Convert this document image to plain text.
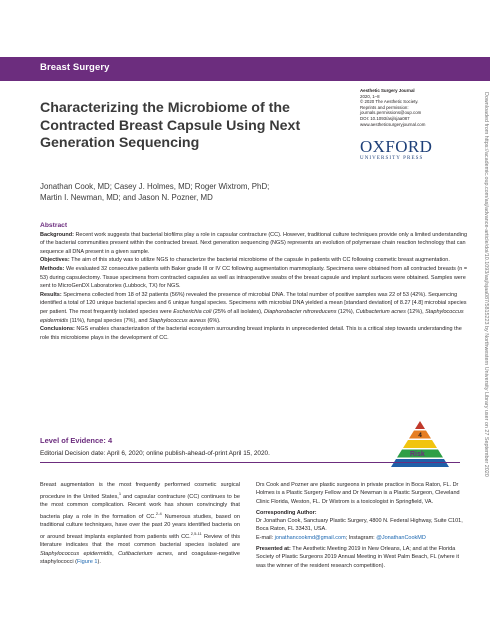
Breast Surgery
Downloaded from https://academic.oup.com/asj/advance-article/doi/10.1093/asj/sjaa087/5815223 by Northwestern University Library user on 27 September 2020
Characterizing the Microbiome of the Contracted Breast Capsule Using Next Generation Sequencing
Aesthetic Surgery Journal
2020, 1–8
© 2020 The Aesthetic Society.
Reprints and permission:
journals.permissions@oup.com
DOI: 10.1093/asj/sjaa087
www.aestheticsurgeryjournal.com
OXFORD
UNIVERSITY PRESS
Jonathan Cook, MD; Casey J. Holmes, MD; Roger Wixtrom, PhD;
Martin I. Newman, MD; and Jason N. Pozner, MD
Abstract
Background: Recent work suggests that bacterial biofilms play a role in capsular contracture (CC). However, traditional culture techniques provide only a limited understanding of the bacterial communities present within the contracted breast. Next generation sequencing (NGS) represents an evolution of polymerase chain reaction technology that can sequence all DNA present in a given sample.
Objectives: The aim of this study was to utilize NGS to characterize the bacterial microbiome of the capsule in patients with CC following cosmetic breast augmentation.
Methods: We evaluated 32 consecutive patients with Baker grade III or IV CC following augmentation mammoplasty. Specimens were obtained from all contracted breasts (n = 53) during capsulectomy. Tissue specimens from contracted capsules as well as intraoperative swabs of the breast capsule and implant surfaces were obtained. Samples were sent to MicroGenDX Laboratories (Lubbock, TX) for NGS.
Results: Specimens collected from 18 of 32 patients (56%) revealed the presence of microbial DNA. The total number of positive samples was 22 of 53 (42%). Sequencing identified a total of 120 unique bacterial species and 6 unique fungal species. Specimens with microbial DNA yielded a mean [standard deviation] of 8.27 [4.8] microbial species per patient. The most frequently isolated species were Escherichia coli (25% of all isolates), Diaphorobacter nitroreducens (12%), Cutibacterium acnes (12%), Staphylococcus epidermidis (11%), fungal species (7%), and Staphylococcus aureus (6%).
Conclusions: NGS enables characterization of the bacterial ecosystem surrounding breast implants in unprecedented detail. This is a critical step towards understanding the role this microbiome plays in the development of CC.
Level of Evidence: 4
4
Risk
Editorial Decision date: April 6, 2020; online publish-ahead-of-print April 15, 2020.
Breast augmentation is the most frequently performed cosmetic surgical procedure in the United States,$^1$ and capsular contracture (CC) continues to be the most common complication. Recent work has shown convincingly that bacteria play a role in the formation of CC.$^{2-4}$ Numerous studies, based on traditional culture techniques, have over the past 20 years identified bacteria on or around breast implants explanted from patients with CC.$^{2,5-11}$ Review of this literature indicates that the most common bacterial species isolated are Staphylococcus epidermidis, Cutibacterium acnes, and coagulase-negative staphylococci (Figure 1).

Drs Cook and Pozner are plastic surgeons in private practice in Boca Raton, FL. Dr Holmes is a Plastic Surgery Fellow and Dr Newman is a Plastic Surgeon, Cleveland Clinic Florida, Weston, FL. Dr Wixtrom is a toxicologist in Springfield, VA.

Corresponding Author:
Dr Jonathan Cook, Sanctuary Plastic Surgery, 4800 N. Federal Highway, Suite C101, Boca Raton, FL 33431, USA.
E-mail: jonathancookmd@gmail.com; Instagram: @JonathanCookMD

Presented at: The Aesthetic Meeting 2019 in New Orleans, LA; and at the Florida Society of Plastic Surgeons 2019 Annual Meeting in West Palm Beach, FL (where it was the winner of the resident research competition).
